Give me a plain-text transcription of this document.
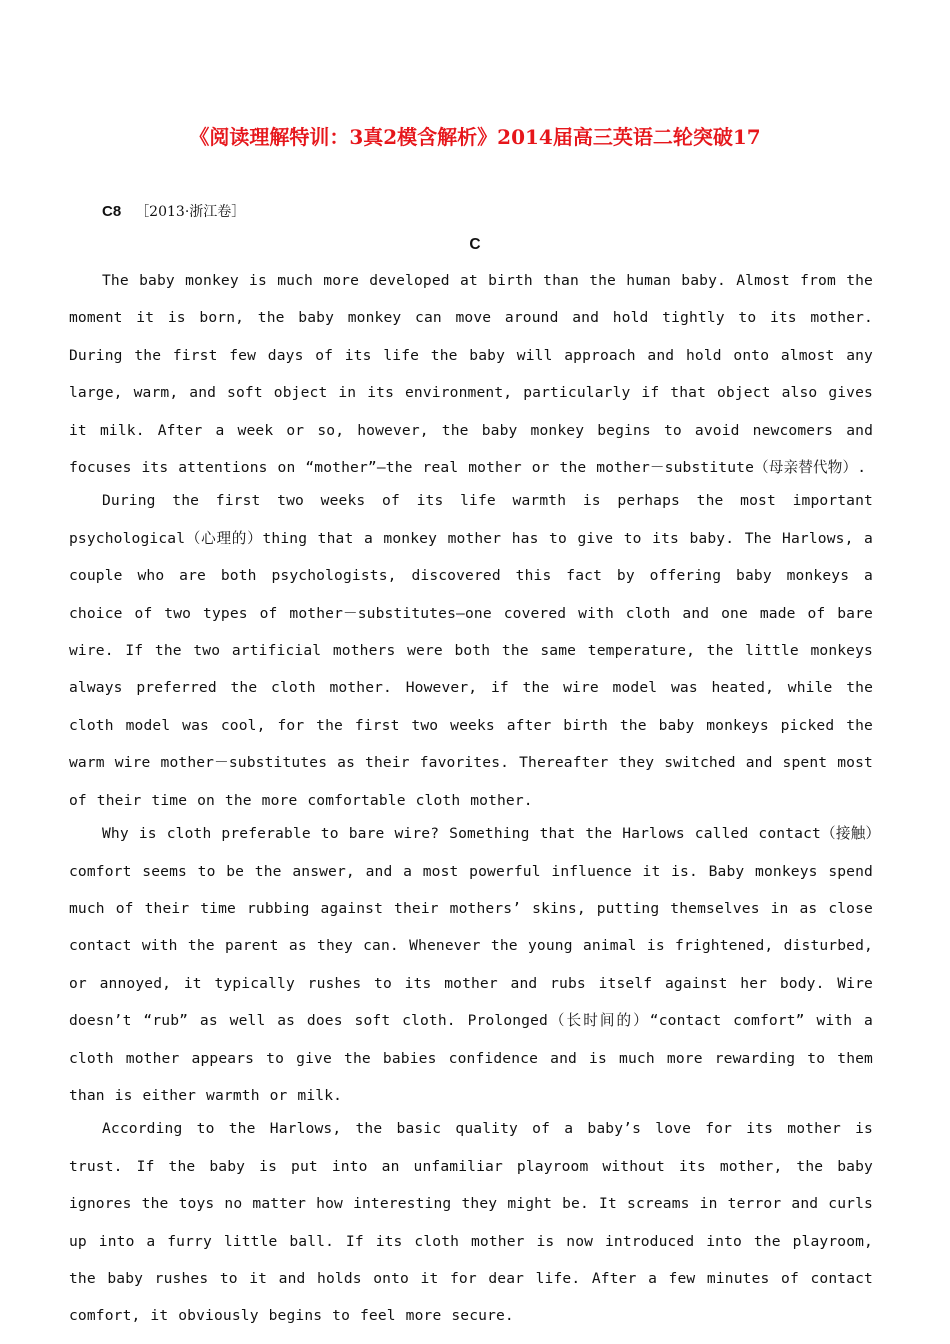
《阅读理解特训：3真2模含解析》2014届高三英语二轮突破17
C8 ［2013·浙江卷］
C

The baby monkey is much more developed at birth than the human baby. Almost from the moment it is born, the baby monkey can move around and hold tightly to its mother. During the first few days of its life the baby will approach and hold onto almost any large, warm, and soft object in its environment, particularly if that object also gives it milk. After a week or so, however, the baby monkey begins to avoid newcomers and focuses its attentions on “mother”—the real mother or the mother－substitute（母亲替代物）.

During the first two weeks of its life warmth is perhaps the most important psychological（心理的）thing that a monkey mother has to give to its baby. The Harlows, a couple who are both psychologists, discovered this fact by offering baby monkeys a choice of two types of mother－substitutes—one covered with cloth and one made of bare wire. If the two artificial mothers were both the same temperature, the little monkeys always preferred the cloth mother. However, if the wire model was heated, while the cloth model was cool, for the first two weeks after birth the baby monkeys picked the warm wire mother－substitutes as their favorites. Thereafter they switched and spent most of their time on the more comfortable cloth mother.

Why is cloth preferable to bare wire? Something that the Harlows called contact（接触）comfort seems to be the answer, and a most powerful influence it is. Baby monkeys spend much of their time rubbing against their mothers’ skins, putting themselves in as close contact with the parent as they can. Whenever the young animal is frightened, disturbed, or annoyed, it typically rushes to its mother and rubs itself against her body. Wire doesn’t “rub” as well as does soft cloth. Prolonged（长时间的）“contact comfort” with a cloth mother appears to give the babies confidence and is much more rewarding to them than is either warmth or milk.

According to the Harlows, the basic quality of a baby’s love for its mother is trust. If the baby is put into an unfamiliar playroom without its mother, the baby ignores the toys no matter how interesting they might be. It screams in terror and curls up into a furry little ball. If its cloth mother is now introduced into the playroom, the baby rushes to it and holds onto it for dear life. After a few minutes of contact comfort, it obviously begins to feel more secure.
